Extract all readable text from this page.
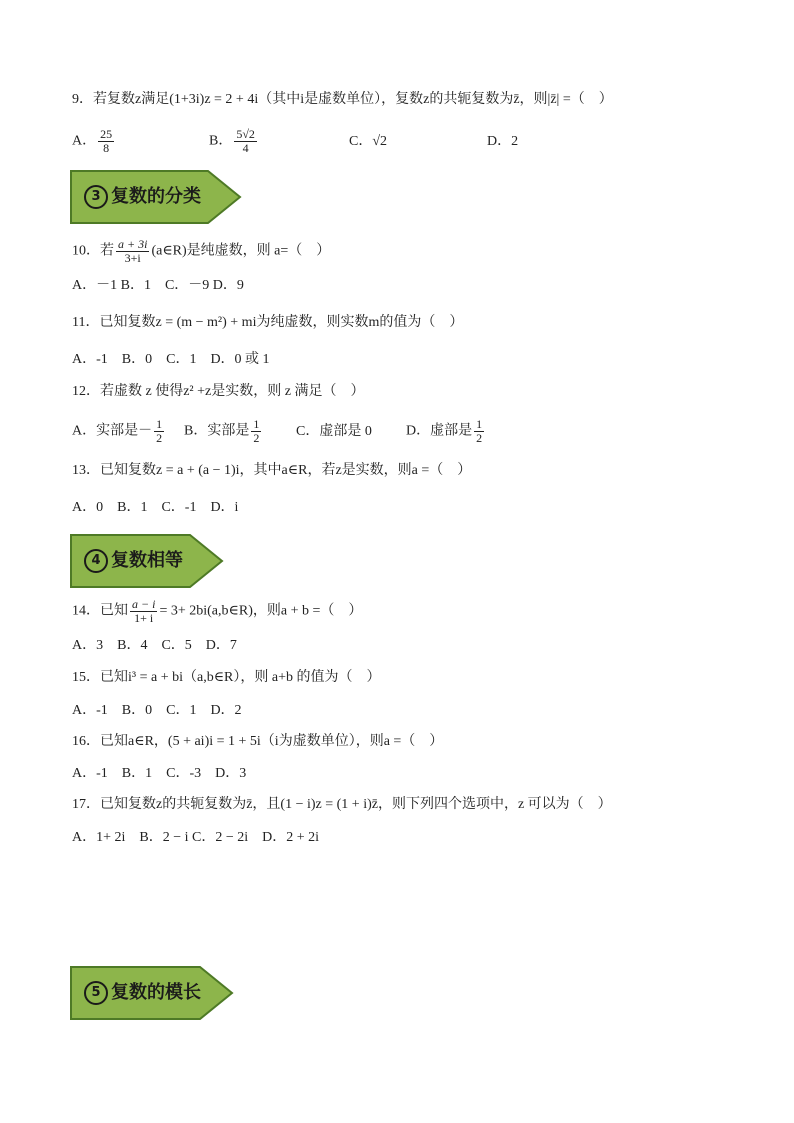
9．若复数z满足(1+3i)z = 2 + 4i（其中i是虚数单位），复数z的共轭复数为z̄，则|z̄| =（　）
A． $\frac{25}{8}$	B． $\frac{5√2}{4}$	C．√2	D．2
3 复数的分类
10．若 $\frac{a + 3i}{3+i}$ (a∈R)是纯虚数，则 a=（　）
A．－1 B．1　C．－9 D．9
11．已知复数z = (m − m²) + mi为纯虚数，则实数m的值为（　）
A．-1　B．0　C．1　D．0 或 1
12．若虚数 z 使得z² +z是实数，则 z 满足（　）
A．实部是－ $\frac{1}{2}$ B．实部是 $\frac{1}{2}$ C．虚部是 0 D．虚部是 $\frac{1}{2}$
13．已知复数z = a + (a − 1)i，其中a∈R，若z是实数，则a =（　）
A．0　B．1　C．-1　D．i
4 复数相等
14．已知 $\frac{a - i}{1+ i} = 3+$ 2bi(a,b∈R)，则a + b =（　）
A．3　B．4　C．5　D．7
15．已知i³ = a + bi（a,b∈R），则 a+b 的值为（　）
A．-1　B．0　C．1　D．2
16．已知a∈R，(5 + ai)i = 1 + 5i（i为虚数单位），则a =（　）
A．-1　B．1　C．-3　D．3
17．已知复数z的共轭复数为z̄，且(1 − i)z = (1 + i)z̄，则下列四个选项中，z 可以为（　）
A．1+ 2i　B．2 − i C．2 − 2i　D．2 + 2i
5 复数的模长
